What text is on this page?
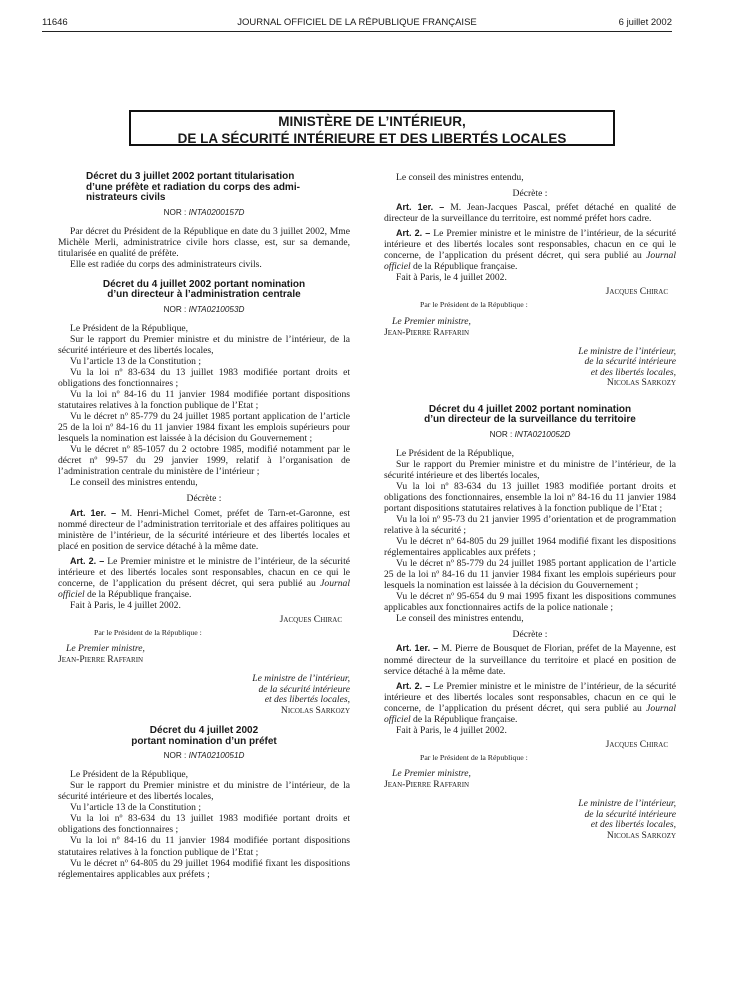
11646	JOURNAL OFFICIEL DE LA RÉPUBLIQUE FRANÇAISE	6 juillet 2002
MINISTÈRE DE L’INTÉRIEUR,
DE LA SÉCURITÉ INTÉRIEURE ET DES LIBERTÉS LOCALES
Décret du 3 juillet 2002 portant titularisation
d’une préfète et radiation du corps des admi-
nistrateurs civils
NOR : INTA0200157D

Par décret du Président de la République en date du 3 juillet 2002, Mme Michèle Merli, administratrice civile hors classe, est, sur sa demande, titularisée en qualité de préfète.

Elle est radiée du corps des administrateurs civils.

Décret du 4 juillet 2002 portant nomination
d’un directeur à l’administration centrale
NOR : INTA0210053D

Le Président de la République,

Sur le rapport du Premier ministre et du ministre de l’intérieur, de la sécurité intérieure et des libertés locales,

Vu l’article 13 de la Constitution ;

Vu la loi nº 83-634 du 13 juillet 1983 modifiée portant droits et obligations des fonctionnaires ;

Vu la loi nº 84-16 du 11 janvier 1984 modifiée portant dispositions statutaires relatives à la fonction publique de l’Etat ;

Vu le décret nº 85-779 du 24 juillet 1985 portant application de l’article 25 de la loi nº 84-16 du 11 janvier 1984 fixant les emplois supérieurs pour lesquels la nomination est laissée à la décision du Gouvernement ;

Vu le décret nº 85-1057 du 2 octobre 1985, modifié notamment par le décret nº 99-57 du 29 janvier 1999, relatif à l’organisation de l’administration centrale du ministère de l’intérieur ;

Le conseil des ministres entendu,

Décrète :

Art. 1er. – M. Henri-Michel Comet, préfet de Tarn-et-Garonne, est nommé directeur de l’administration territoriale et des affaires politiques au ministère de l’intérieur, de la sécurité intérieure et des libertés locales et placé en position de service détaché à la même date.

Art. 2. – Le Premier ministre et le ministre de l’intérieur, de la sécurité intérieure et des libertés locales sont responsables, chacun en ce qui le concerne, de l’application du présent décret, qui sera publié au Journal officiel de la République française.

Fait à Paris, le 4 juillet 2002.

Jacques Chirac
Par le Président de la République :
Le Premier ministre,
Jean-Pierre Raffarin
Le ministre de l’intérieur,
de la sécurité intérieure
et des libertés locales,
Nicolas Sarkozy
Décret du 4 juillet 2002
portant nomination d’un préfet
NOR : INTA0210051D

Le Président de la République,

Sur le rapport du Premier ministre et du ministre de l’intérieur, de la sécurité intérieure et des libertés locales,

Vu l’article 13 de la Constitution ;

Vu la loi nº 83-634 du 13 juillet 1983 modifiée portant droits et obligations des fonctionnaires ;

Vu la loi nº 84-16 du 11 janvier 1984 modifiée portant dispositions statutaires relatives à la fonction publique de l’Etat ;

Vu le décret nº 64-805 du 29 juillet 1964 modifié fixant les dispositions réglementaires applicables aux préfets ;

Le conseil des ministres entendu,

Décrète :

Art. 1er. – M. Jean-Jacques Pascal, préfet détaché en qualité de directeur de la surveillance du territoire, est nommé préfet hors cadre.

Art. 2. – Le Premier ministre et le ministre de l’intérieur, de la sécurité intérieure et des libertés locales sont responsables, chacun en ce qui le concerne, de l’application du présent décret, qui sera publié au Journal officiel de la République française.

Fait à Paris, le 4 juillet 2002.

Jacques Chirac
Par le Président de la République :
Le Premier ministre,
Jean-Pierre Raffarin
Le ministre de l’intérieur,
de la sécurité intérieure
et des libertés locales,
Nicolas Sarkozy
Décret du 4 juillet 2002 portant nomination
d’un directeur de la surveillance du territoire
NOR : INTA0210052D

Le Président de la République,

Sur le rapport du Premier ministre et du ministre de l’intérieur, de la sécurité intérieure et des libertés locales,

Vu la loi nº 83-634 du 13 juillet 1983 modifiée portant droits et obligations des fonctionnaires, ensemble la loi nº 84-16 du 11 janvier 1984 portant dispositions statutaires relatives à la fonction publique de l’Etat ;

Vu la loi nº 95-73 du 21 janvier 1995 d’orientation et de programmation relative à la sécurité ;

Vu le décret nº 64-805 du 29 juillet 1964 modifié fixant les dispositions réglementaires applicables aux préfets ;

Vu le décret nº 85-779 du 24 juillet 1985 portant application de l’article 25 de la loi nº 84-16 du 11 janvier 1984 fixant les emplois supérieurs pour lesquels la nomination est laissée à la décision du Gouvernement ;

Vu le décret nº 95-654 du 9 mai 1995 fixant les dispositions communes applicables aux fonctionnaires actifs de la police nationale ;

Le conseil des ministres entendu,

Décrète :

Art. 1er. – M. Pierre de Bousquet de Florian, préfet de la Mayenne, est nommé directeur de la surveillance du territoire et placé en position de service détaché à la même date.

Art. 2. – Le Premier ministre et le ministre de l’intérieur, de la sécurité intérieure et des libertés locales sont responsables, chacun en ce qui le concerne, de l’application du présent décret, qui sera publié au Journal officiel de la République française.

Fait à Paris, le 4 juillet 2002.

Jacques Chirac
Par le Président de la République :
Le Premier ministre,
Jean-Pierre Raffarin
Le ministre de l’intérieur,
de la sécurité intérieure
et des libertés locales,
Nicolas Sarkozy
